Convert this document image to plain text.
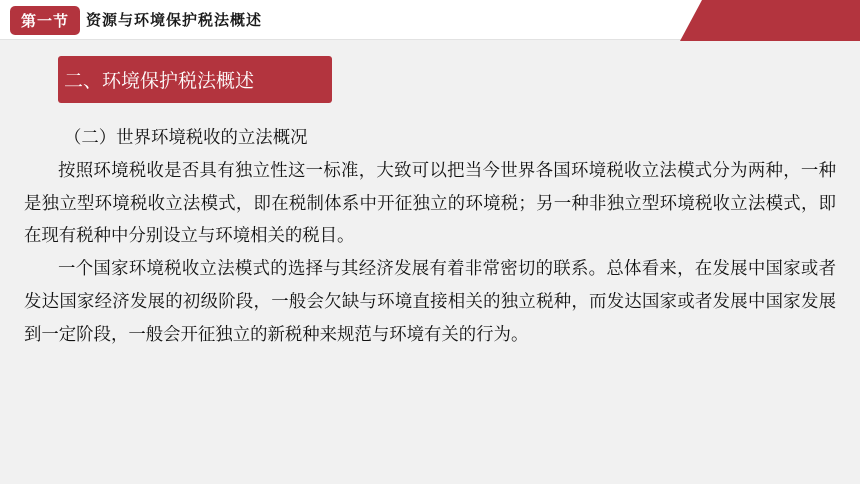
第一节	资源与环境保护税法概述
二、环境保护税法概述

（二）世界环境税收的立法概况

按照环境税收是否具有独立性这一标准，大致可以把当今世界各国环境税收立法模式分为两种，一种是独立型环境税收立法模式，即在税制体系中开征独立的环境税；另一种非独立型环境税收立法模式，即在现有税种中分别设立与环境相关的税目。

一个国家环境税收立法模式的选择与其经济发展有着非常密切的联系。总体看来，在发展中国家或者发达国家经济发展的初级阶段，一般会欠缺与环境直接相关的独立税种，而发达国家或者发展中国家发展到一定阶段，一般会开征独立的新税种来规范与环境有关的行为。
